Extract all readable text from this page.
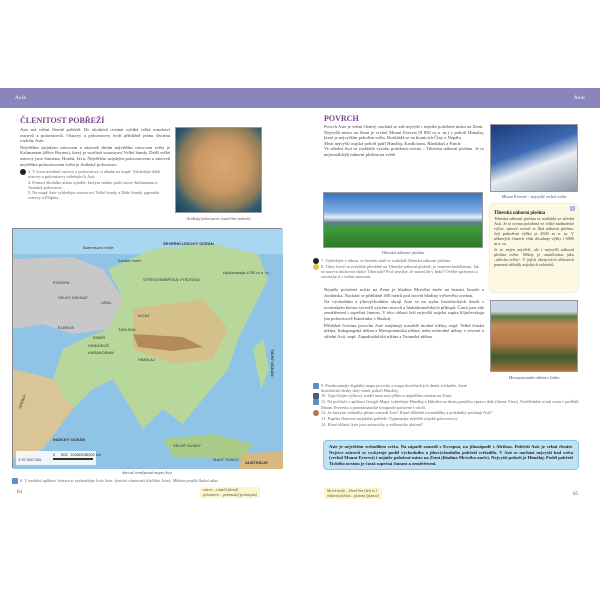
Asie	Asie
ČLENITOST POBŘEŽÍ

Asie má velmi členité pobřeží. Do okolních oceánů vybíhá velké množství ostrovů a poloostrovů. Ostrovy a poloostrovy tvoří přibližně jednu čtvrtinu rozlohy Asie.

Největším asijským ostrovem a zároveň třetím největším ostrovem světa je Kalimantan (dříve Borneo), který je součástí souostroví Velké Sundy. Další velké ostrovy jsou Sumatra, Honšú, Jáva. Největším asijským poloostrovem a zároveň největším poloostrovem světa je Arabský poloostrov.

3. V textu uvedené ostrovy a poloostrovy si ukažte na mapě. Vyhledejte další ostrovy a poloostrovy náležející k Asii.
4. Pomocí školního atlasu zjistěte, kterým státům patří ostrov Kalimantan a Arabský poloostrov.
5. Na mapě Asie vyhledejte souostroví Velké Sundy a Malé Sundy, japonské ostrovy a Filipíny.
Arabský poloostrov (satelitní snímek)
SEVERNÍ LEDOVÝ OCEÁN
EVROPA
URAL
STŘEDOSIBIŘSKÁ VYSOČINA
ALTAJ
PAMÍR
HINDÚKUŠ
KARAKORAM
ŤAN-ŠAN
HIMÁLAJ
INDICKÝ OCEÁN
TICHÝ OCEÁN
AFRIKA
AUSTRÁLIE
VELKÉ SUNDY
MALÉ SUNDY
Ključevskaja 4750 m n. m.
Barentsovo moře
Karské moře
VELKÝ KAVKAZ
ELBRUS
1:70 000 000
0 500 1000 1500 2000 km
obecně zeměpisná mapa Asie
6. V mobilní aplikaci Seterra si vyzkoušejte kvíz Asie: fyzické vlastnosti (tlačítko Asie). Můžete použít školní atlas.
64	ostrov – island [ailend]
poloostrov – peninsula [pi:ninsjula]
POVRCH

Povrch Asie je velmi členitý, nachází se zde nejvýše i nejníže položené místo na Zemi.

Nejvyšší místo na Zemi je vrchol Mount Everest (8 850 m n. m.) v pohoří Himálaj, které je nejvyšším pohořím světa. Rozkládá se na hranicích Číny a Nepálu.

Mezi nejvyšší asijská pohoří patří Himálaj, Karákóram, Hindúkuš a Pamír.

Ve střední Asii se rozkládá vysoko položená rovina – Tibetská náhorní plošina. Je to nejrozsáhlejší náhorní plošina na světě.

Tibetská náhorní plošina
Mount Everest – nejvyšší vrchol světa
i
Tibetská náhorní plošina

Tibetská náhorní plošina se rozkládá ve střední Asii. Je to rovina položená ve velké nadmořské výšce, takové rovině se říká náhorní plošina. Její průměrná výška je 4500 m n. m. V některých částech však dosahuje výšky i 6000 m n. m.

Je to nejen největší, ale i nejvyšší náhorní plošina světa. Někdy je označována jako „střecha světa“. V jejích okrajových oblastech pramení několik asijských veletoků.

7. Vyhledejte v atlasu, ve kterém státě se rozkládá Tibetská náhorní plošina.
8. Tibet, který se rozkládá převážně na Tibetské náhorní plošině, je centrem buddhismu. Jak se nazývá duchovní vůdce Tibeťanů? Proč myslíte, že musel žít v Indii? Ověřte správnost a srovnejte ji s vaším názorem.

Nejníže položené místo na Zemi je hladina Mrtvého moře na hranici Izraele a Jordánska. Nachází se přibližně 400 metrů pod úrovní hladiny světového oceánu.

Na východním a jihovýchodním okraji Asie se na styku litosférických desek s oceánským kterou vytvořil systém ostrovů a hlubokomořských příkopů. Častá jsou zde zemětřesení i sopečná činnost. V této oblasti leží nejvyšší asijská sopka Ključevskaja (na poloostrově Kamčatka v Rusku).

Přibližně čtvrtinu povrchu Asie zaujímají rozsáhlé úrodné nížiny, např. Velká čínská nížina, Indogangská nížina a Mezopotamská nížina, nebo neúrodné nížiny v severní a střední Asii, např. Západosibiřská nížina a Turanská nížina.

Mezopotamská nížina v Iráku
9. Prozkoumejte digitální mapu povrchu a mapu litosférických desek a řekněte, které litosférické desky daly vznik pohoří Himálaj.
10. Vypočítejte výškový rozdíl mezi nejvyšším a nejnižším místem na Zemi.
11. Na počítači v aplikaci Google Mapy vyhledejte Himálaj a klikněte na ikonu panáčka vpravo dole (Street View). Prohlédněte si tak cestu v podhůří Mount Everestu a panoramatické fotografie pořízené v okolí.
12. Se kterými světadíly přímo sousedí Asie? Které důležité rovnoběžky a poledníky protínají Asii?
13. Popište členitost asijského pobřeží. Vyjmenujte největší asijské poloostrovy.
14. Které oblasti Asie jsou seizmicky a vulkanicky aktivní?
Asie je největším světadílem světa. Na západě sousedí s Evropou, na jihozápadě s Afrikou. Pobřeží Asie je velmi členité. Nejvíce ostrovů se vyskytuje podél východního a jihovýchodního pobřeží světadílu. V Asii se nachází nejvyšší bod světa (vrchol Mount Everest) i nejníže položené místo na Zemi (hladina Mrtvého moře). Nejvyšší pohoří je Himálaj. Podél pobřeží Tichého oceánu je častá sopečná činnost a zemětřesení.
Mrtvé moře – Dead Sea [ded si:]
náhorní plošina – plateau [plætəu]	65
